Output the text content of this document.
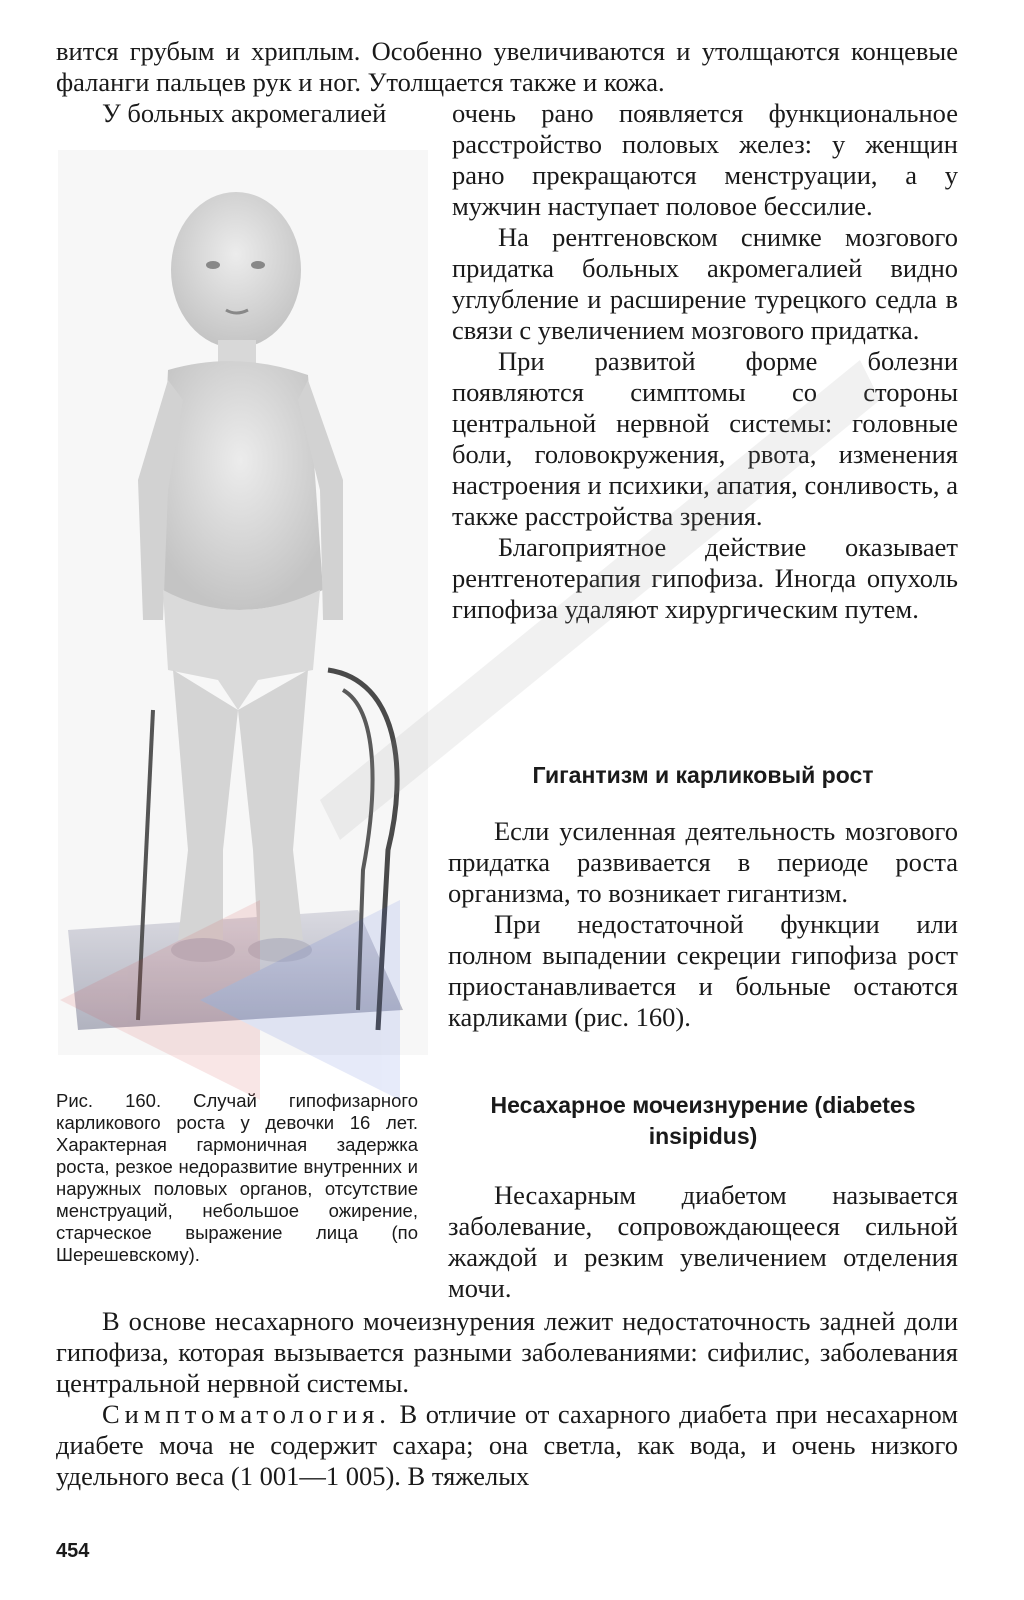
вится грубым и хриплым. Особенно увеличиваются и утолщаются концевые фаланги пальцев рук и ног. Утолщается также и кожа.

У больных акромегалией	очень рано появляется функциональное расстройство половых желез: у женщин рано прекращаются менструации, а у мужчин наступает половое бессилие.

На рентгеновском снимке мозгового придатка больных акромегалией видно углубление и расширение турецкого седла в связи с увеличением мозгового придатка.

При развитой форме болезни появляются симптомы со стороны центральной нервной системы: головные боли, головокружения, рвота, изменения настроения и психики, апатия, сонливость, а также расстройства зрения.

Благоприятное действие оказывает рентгенотерапия гипофиза. Иногда опухоль гипофиза удаляют хирургическим путем.

Гигантизм и карликовый рост

Если усиленная деятельность мозгового придатка развивается в периоде роста организма, то возникает гигантизм.

При недостаточной функции или полном выпадении секреции гипофиза рост приостанавливается и больные остаются карликами (рис. 160).

Несахарное мочеизнурение (diabetes insipidus)

Несахарным диабетом называется заболевание, сопровождающееся сильной жаждой и резким увеличением отделения мочи.

Рис. 160. Случай гипофизарного карликового роста у девочки 16 лет. Характерная гармоничная задержка роста, резкое недоразвитие внутренних и наружных половых органов, отсутствие менструаций, небольшое ожирение, старческое выражение лица (по Шерешевскому).

В основе несахарного мочеизнурения лежит недостаточность задней доли гипофиза, которая вызывается разными заболеваниями: сифилис, заболевания центральной нервной системы.

Симптоматология. В отличие от сахарного диабета при несахарном диабете моча не содержит сахара; она светла, как вода, и очень низкого удельного веса (1 001—1 005). В тяжелых

454
